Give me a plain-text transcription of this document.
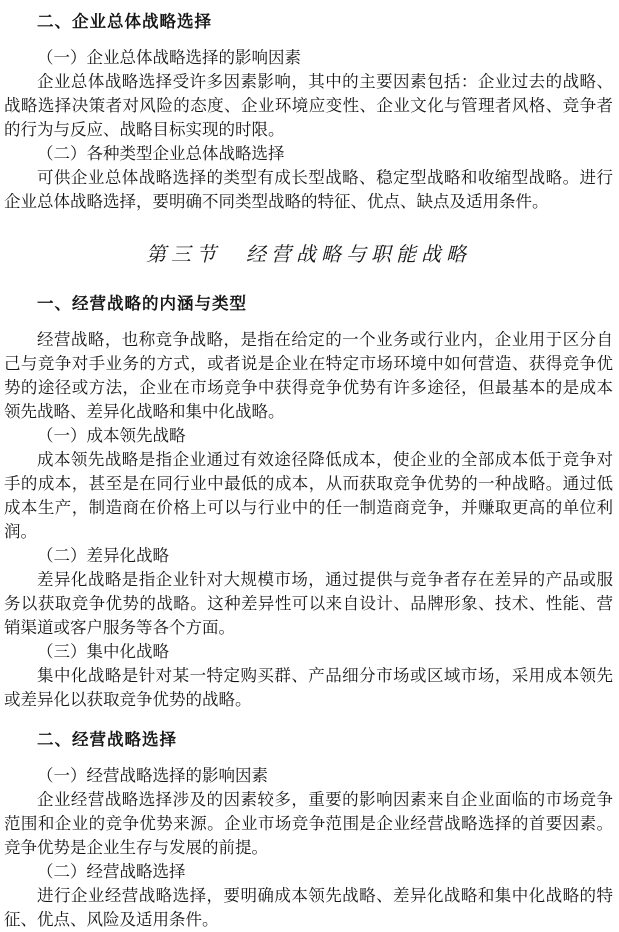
二、企业总体战略选择

（一）企业总体战略选择的影响因素

企业总体战略选择受许多因素影响，其中的主要因素包括：企业过去的战略、战略选择决策者对风险的态度、企业环境应变性、企业文化与管理者风格、竞争者的行为与反应、战略目标实现的时限。

（二）各种类型企业总体战略选择

可供企业总体战略选择的类型有成长型战略、稳定型战略和收缩型战略。进行企业总体战略选择，要明确不同类型战略的特征、优点、缺点及适用条件。

第三节　经营战略与职能战略
一、经营战略的内涵与类型

经营战略，也称竞争战略，是指在给定的一个业务或行业内，企业用于区分自己与竞争对手业务的方式，或者说是企业在特定市场环境中如何营造、获得竞争优势的途径或方法，企业在市场竞争中获得竞争优势有许多途径，但最基本的是成本领先战略、差异化战略和集中化战略。

（一）成本领先战略

成本领先战略是指企业通过有效途径降低成本，使企业的全部成本低于竞争对手的成本，甚至是在同行业中最低的成本，从而获取竞争优势的一种战略。通过低成本生产，制造商在价格上可以与行业中的任一制造商竞争，并赚取更高的单位利润。

（二）差异化战略

差异化战略是指企业针对大规模市场，通过提供与竞争者存在差异的产品或服务以获取竞争优势的战略。这种差异性可以来自设计、品牌形象、技术、性能、营销渠道或客户服务等各个方面。

（三）集中化战略

集中化战略是针对某一特定购买群、产品细分市场或区域市场，采用成本领先或差异化以获取竞争优势的战略。

二、经营战略选择

（一）经营战略选择的影响因素

企业经营战略选择涉及的因素较多，重要的影响因素来自企业面临的市场竞争范围和企业的竞争优势来源。企业市场竞争范围是企业经营战略选择的首要因素。竞争优势是企业生存与发展的前提。

（二）经营战略选择

进行企业经营战略选择，要明确成本领先战略、差异化战略和集中化战略的特征、优点、风险及适用条件。
